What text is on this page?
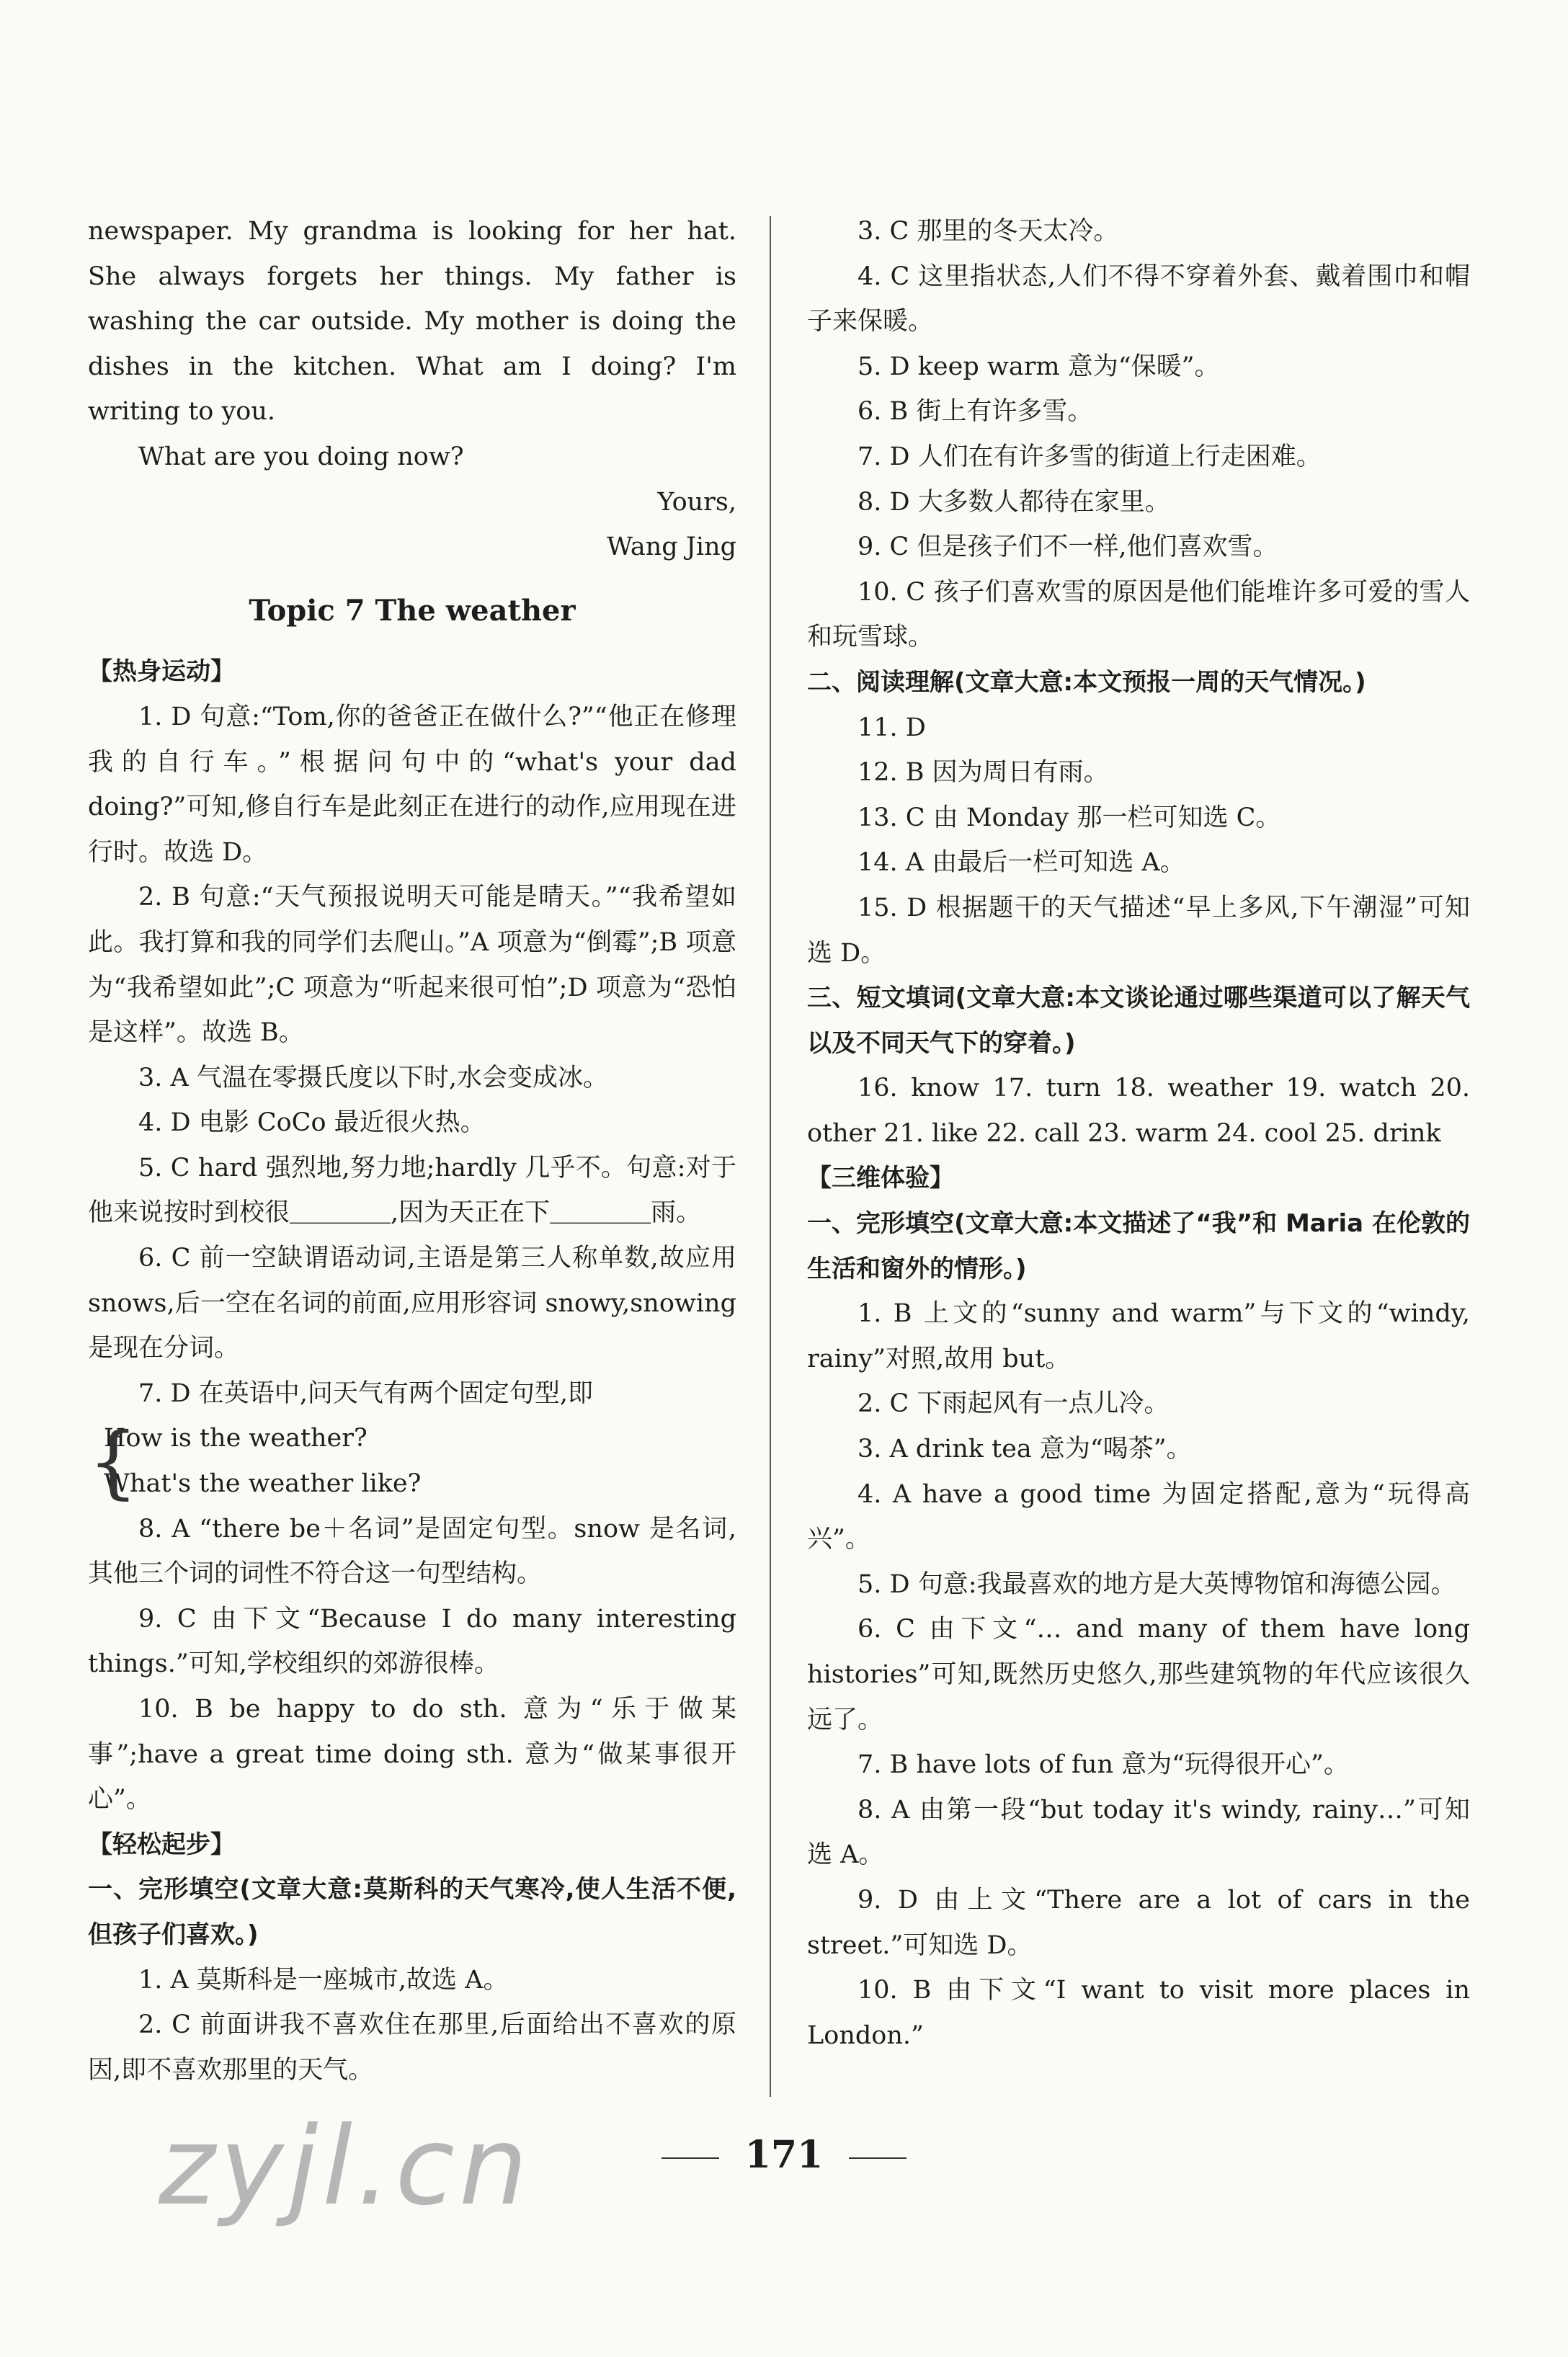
newspaper. My grandma is looking for her hat. She always forgets her things. My father is washing the car outside. My mother is doing the dishes in the kitchen. What am I doing? I'm writing to you.
What are you doing now?
Yours,
Wang Jing
Topic 7 The weather
【热身运动】
1. D 句意:“Tom,你的爸爸正在做什么?”“他正在修理我的自行车。”根据问句中的“what's your dad doing?”可知,修自行车是此刻正在进行的动作,应用现在进行时。故选 D。
2. B 句意:“天气预报说明天可能是晴天。”“我希望如此。我打算和我的同学们去爬山。”A 项意为“倒霉”;B 项意为“我希望如此”;C 项意为“听起来很可怕”;D 项意为“恐怕是这样”。故选 B。
3. A 气温在零摄氏度以下时,水会变成冰。
4. D 电影 CoCo 最近很火热。
5. C hard 强烈地,努力地;hardly 几乎不。句意:对于他来说按时到校很＿＿＿＿,因为天正在下＿＿＿＿雨。
6. C 前一空缺谓语动词,主语是第三人称单数,故应用 snows,后一空在名词的前面,应用形容词 snowy,snowing 是现在分词。
7. D 在英语中,问天气有两个固定句型,即
{
How is the weather?
What's the weather like?
8. A “there be＋名词”是固定句型。snow 是名词,其他三个词的词性不符合这一句型结构。
9. C 由下文“Because I do many interesting things.”可知,学校组织的郊游很棒。
10. B be happy to do sth. 意为“乐于做某事”;have a great time doing sth. 意为“做某事很开心”。
【轻松起步】
一、完形填空(文章大意:莫斯科的天气寒冷,使人生活不便,但孩子们喜欢。)
1. A 莫斯科是一座城市,故选 A。
2. C 前面讲我不喜欢住在那里,后面给出不喜欢的原因,即不喜欢那里的天气。
3. C 那里的冬天太冷。
4. C 这里指状态,人们不得不穿着外套、戴着围巾和帽子来保暖。
5. D keep warm 意为“保暖”。
6. B 街上有许多雪。
7. D 人们在有许多雪的街道上行走困难。
8. D 大多数人都待在家里。
9. C 但是孩子们不一样,他们喜欢雪。
10. C 孩子们喜欢雪的原因是他们能堆许多可爱的雪人和玩雪球。
二、阅读理解(文章大意:本文预报一周的天气情况。)
11. D
12. B 因为周日有雨。
13. C 由 Monday 那一栏可知选 C。
14. A 由最后一栏可知选 A。
15. D 根据题干的天气描述“早上多风,下午潮湿”可知选 D。
三、短文填词(文章大意:本文谈论通过哪些渠道可以了解天气以及不同天气下的穿着。)
16. know 17. turn 18. weather 19. watch 20. other 21. like 22. call 23. warm 24. cool 25. drink
【三维体验】
一、完形填空(文章大意:本文描述了“我”和 Maria 在伦敦的生活和窗外的情形。)
1. B 上文的“sunny and warm”与下文的“windy, rainy”对照,故用 but。
2. C 下雨起风有一点儿冷。
3. A drink tea 意为“喝茶”。
4. A have a good time 为固定搭配,意为“玩得高兴”。
5. D 句意:我最喜欢的地方是大英博物馆和海德公园。
6. C 由下文“… and many of them have long histories”可知,既然历史悠久,那些建筑物的年代应该很久远了。
7. B have lots of fun 意为“玩得很开心”。
8. A 由第一段“but today it's windy, rainy…”可知选 A。
9. D 由上文“There are a lot of cars in the street.”可知选 D。
10. B 由下文“I want to visit more places in London.”
171
zyjl.cn
